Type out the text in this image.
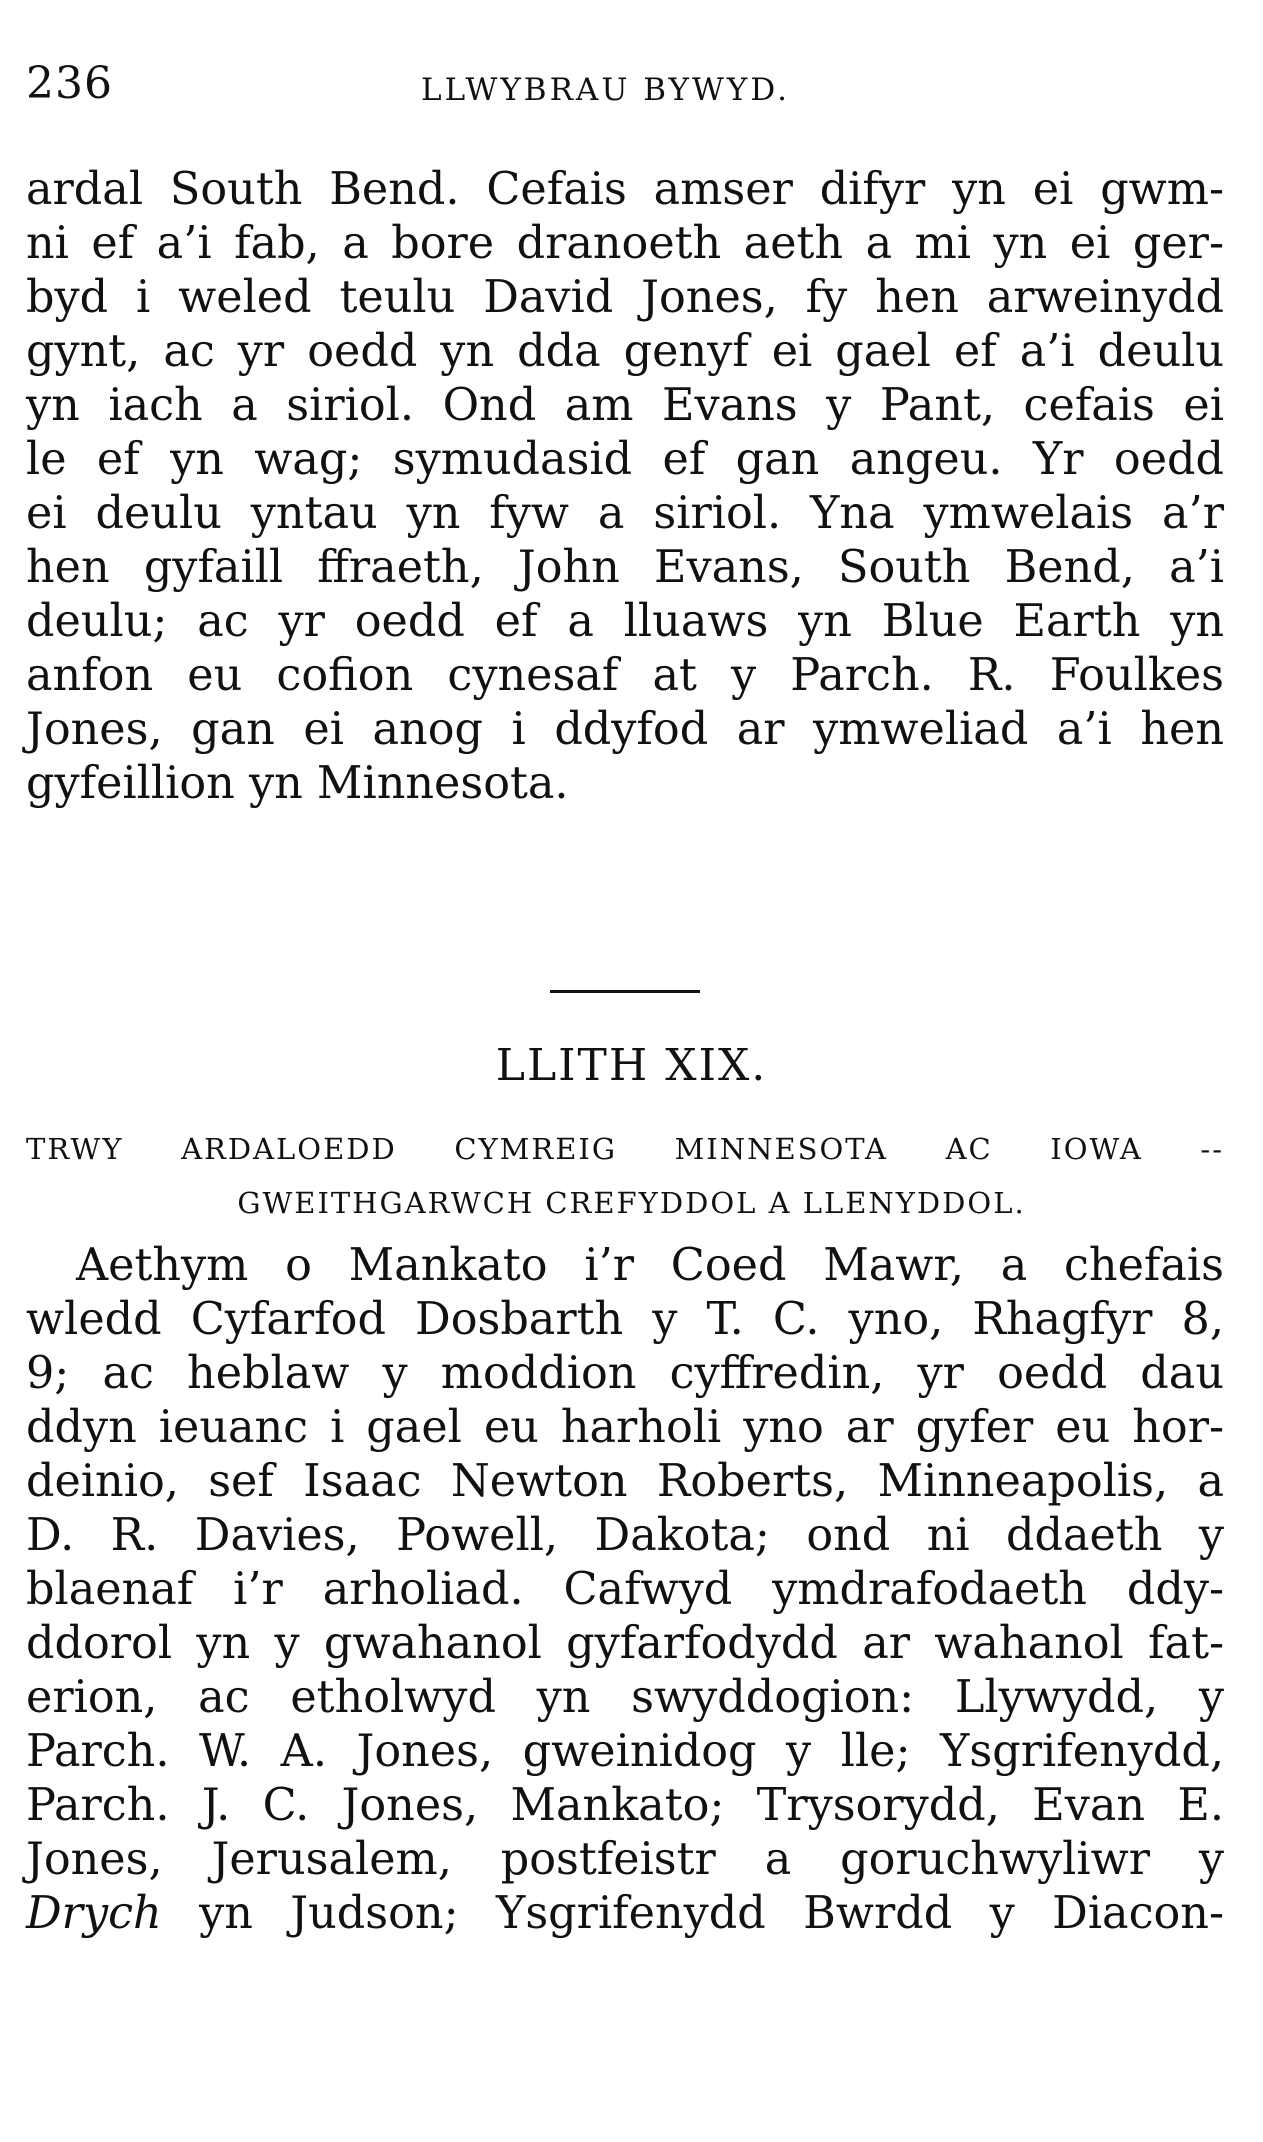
236	LLWYBRAU BYWYD.
ardal South Bend. Cefais amser difyr yn ei gwm-
ni ef a’i fab, a bore dranoeth aeth a mi yn ei ger-
byd i weled teulu David Jones, fy hen arweinydd
gynt, ac yr oedd yn dda genyf ei gael ef a’i deulu
yn iach a siriol. Ond am Evans y Pant, cefais ei
le ef yn wag; symudasid ef gan angeu. Yr oedd
ei deulu yntau yn fyw a siriol. Yna ymwelais a’r
hen gyfaill ffraeth, John Evans, South Bend, a’i
deulu; ac yr oedd ef a lluaws yn Blue Earth yn
anfon eu cofion cynesaf at y Parch. R. Foulkes
Jones, gan ei anog i ddyfod ar ymweliad a’i hen
gyfeillion yn Minnesota.
LLITH XIX.
TRWY ARDALOEDD CYMREIG MINNESOTA AC IOWA --
GWEITHGARWCH CREFYDDOL A LLENYDDOL.
Aethym o Mankato i’r Coed Mawr, a chefais
wledd Cyfarfod Dosbarth y T. C. yno, Rhagfyr 8,
9; ac heblaw y moddion cyffredin, yr oedd dau
ddyn ieuanc i gael eu harholi yno ar gyfer eu hor-
deinio, sef Isaac Newton Roberts, Minneapolis, a
D. R. Davies, Powell, Dakota; ond ni ddaeth y
blaenaf i’r arholiad. Cafwyd ymdrafodaeth ddy-
ddorol yn y gwahanol gyfarfodydd ar wahanol fat-
erion, ac etholwyd yn swyddogion: Llywydd, y
Parch. W. A. Jones, gweinidog y lle; Ysgrifenydd,
Parch. J. C. Jones, Mankato; Trysorydd, Evan E.
Jones, Jerusalem, postfeistr a goruchwyliwr y
Drych yn Judson; Ysgrifenydd Bwrdd y Diacon-
